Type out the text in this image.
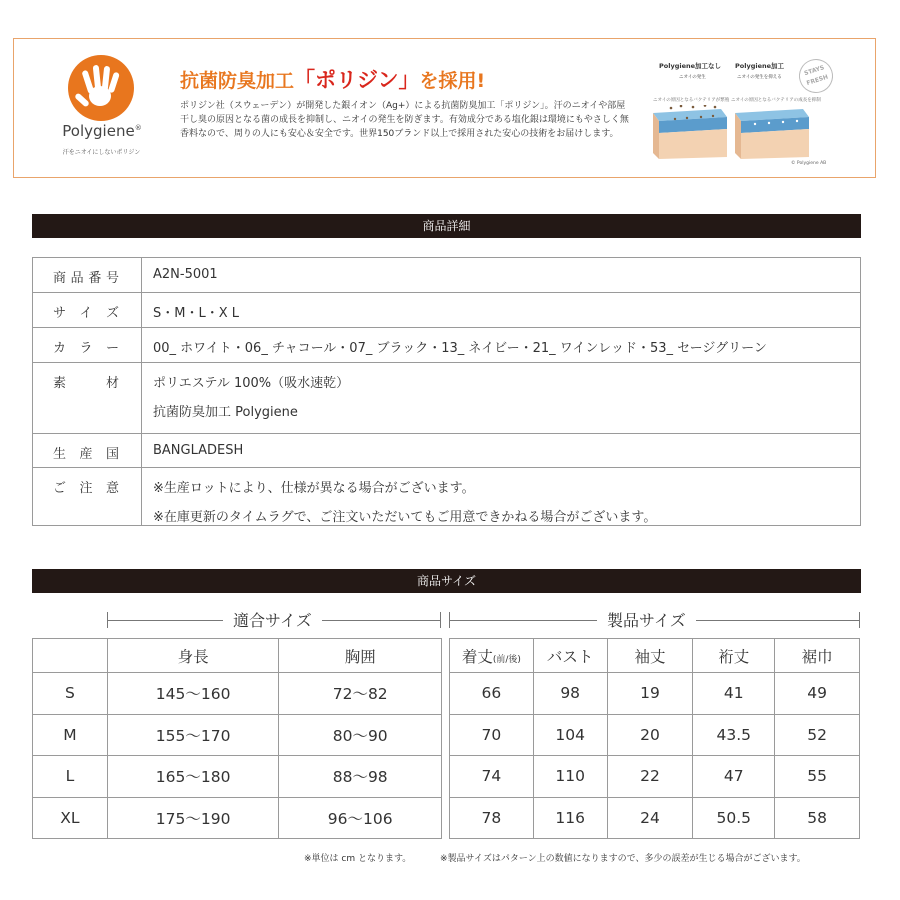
Polygiene®
汗をニオイにしないポリジン
抗菌防臭加工「ポリジン」を採用!
ポリジン社（スウェーデン）が開発した銀イオン（Ag+）による抗菌防臭加工「ポリジン」。汗のニオイや部屋干し臭の原因となる菌の成長を抑制し、ニオイの発生を防ぎます。有効成分である塩化銀は環境にもやさしく無香料なので、周りの人にも安心＆安全です。世界150ブランド以上で採用された安心の技術をお届けします。
Polygiene加工なし
ニオイの発生
Polygiene加工
ニオイの発生を抑える
STAYS FRESH
ニオイの原因となるバクテリアが繁殖 ニオイの原因となるバクテリアの成長を抑制
© Polygiene AB
商品詳細
商 品 番 号	A2N-5001

サ イ ズ	S・M・L・X L

カ ラ ー	00_ ホワイト・06_ チャコール・07_ ブラック・13_ ネイビー・21_ ワインレッド・53_ セージグリーン

素 材	ポリエステル 100%（吸水速乾）
抗菌防臭加工 Polygiene

生 産 国	BANGLADESH

ご 注 意	※生産ロットにより、仕様が異なる場合がございます。
※在庫更新のタイムラグで、ご注文いただいてもご用意できかねる場合がございます。
商品サイズ
適合サイズ	製品サイズ
	身長	胸囲
S	145〜160	72〜82
M	155〜170	80〜90
L	165〜180	88〜98
XL	175〜190	96〜106
着丈(前/後)	バスト	袖丈	裄丈	裾巾
66	98	19	41	49
70	104	20	43.5	52
74	110	22	47	55
78	116	24	50.5	58
※単位は cm となります。	※製品サイズはパターン上の数値になりますので、多少の誤差が生じる場合がございます。
